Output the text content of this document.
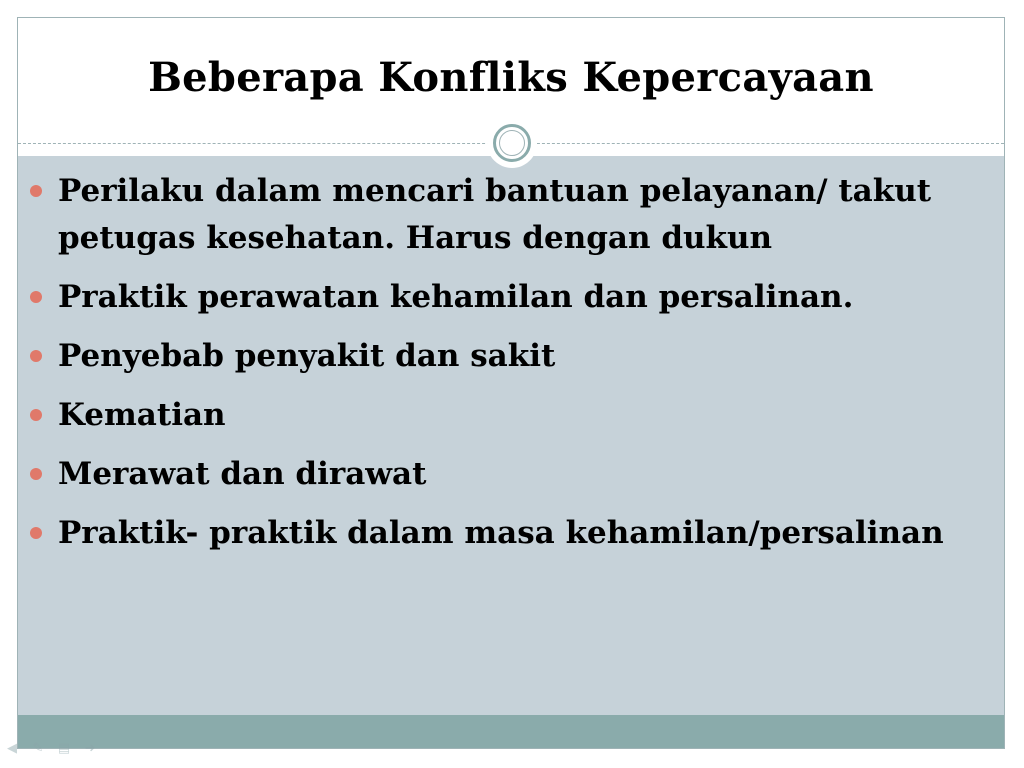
Beberapa Konfliks Kepercayaan
Perilaku dalam mencari bantuan pelayanan/ takut petugas kesehatan. Harus dengan dukun
Praktik perawatan kehamilan dan persalinan.
Penyebab penyakit dan sakit
Kematian
Merawat dan dirawat
Praktik- praktik dalam masa kehamilan/persalinan
◀ ✎ ▤ ➜
